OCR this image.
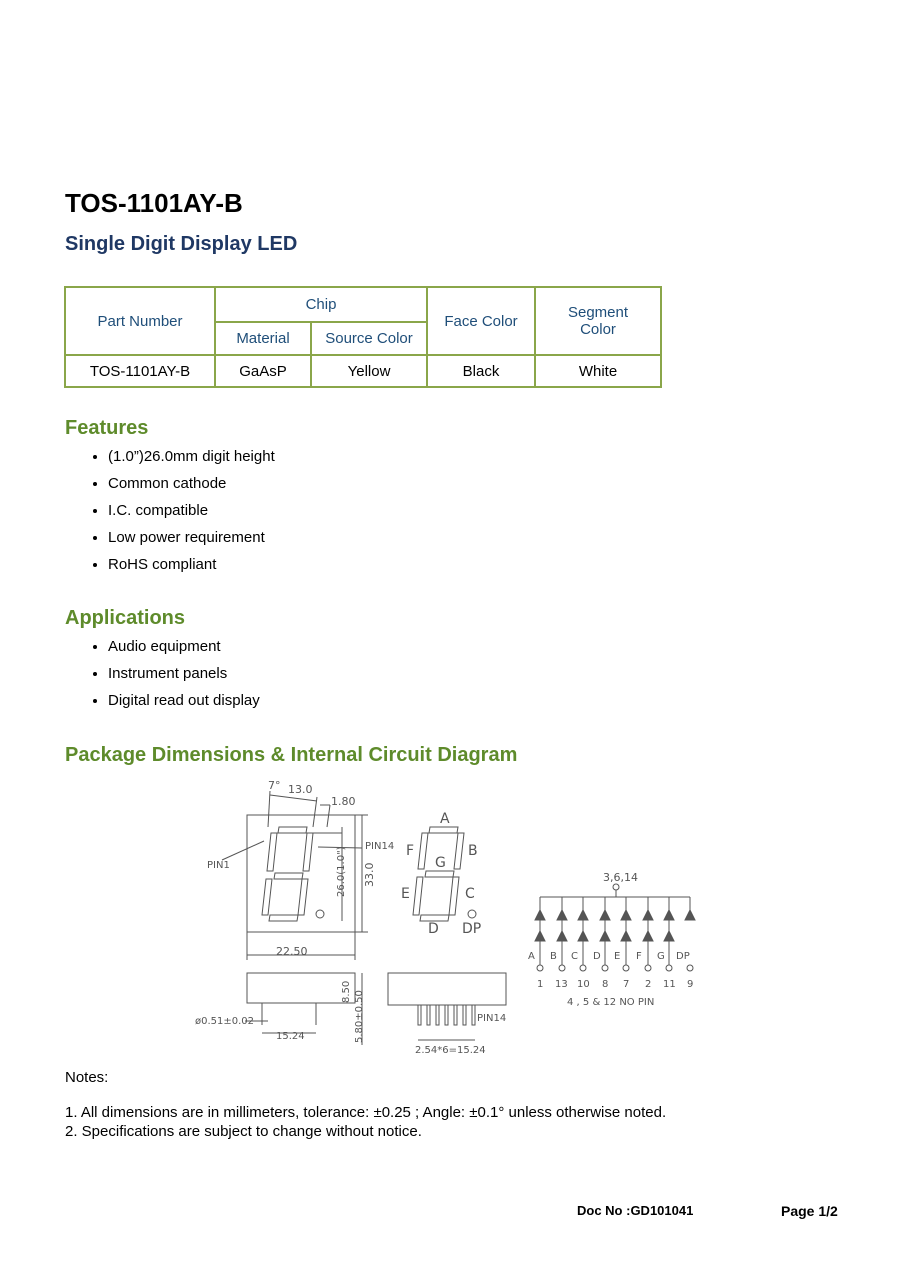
TOS-1101AY-B
Single Digit Display LED
Part Number	Chip		Face Color	Segment Color
	Material	Source Color		
TOS-1101AY-B	GaAsP	Yellow	Black	White
Features
• (1.0”)26.0mm digit height
• Common cathode
• I.C. compatible
• Low power requirement
• RoHS compliant
Applications
• Audio equipment
• Instrument panels
• Digital read out display
Package Dimensions & Internal Circuit Diagram
7° 13.0
1.80
PIN14
PIN1	26.0(1.0") 33.0
22.50
8.50
ø0.51±0.02
15.24	5.80±0.50
2.54*6=15.24
PIN14
A
B
C
D
E
F
G
DP
3,6,14
A B C D E F G DP
1 13 10 8 7 2 11 9
4 , 5 & 12 NO PIN
Notes:
1. All dimensions are in millimeters, tolerance: ±0.25 ; Angle: ±0.1° unless otherwise noted.
2. Specifications are subject to change without notice.
Doc No :GD101041	Page 1/2
